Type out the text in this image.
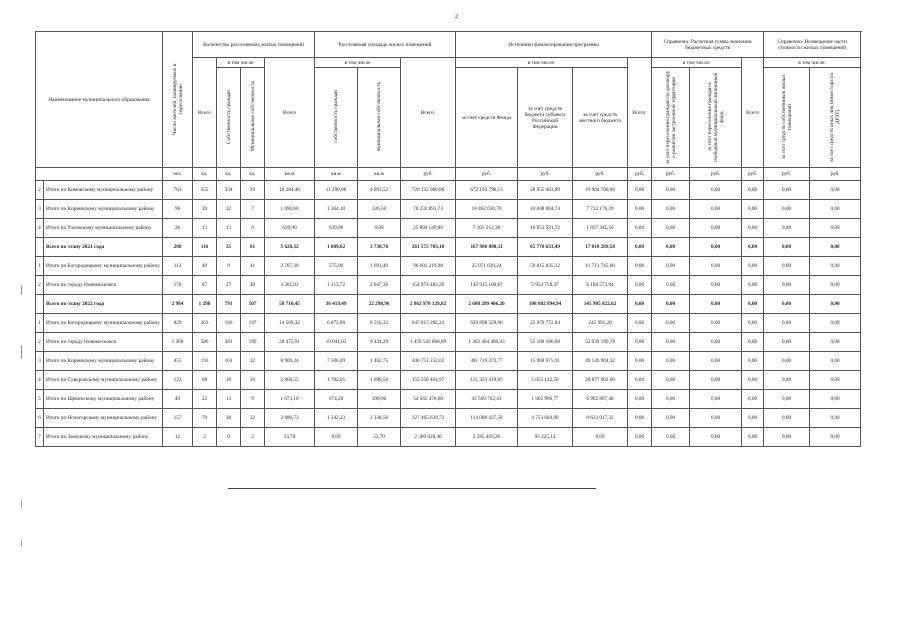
2
Наименование муниципального образования		Число жителей, планируемых к переселению	Количество расселяемых жилых помещений				Расселяемая площадь жилых помещений			Источники финансирования программы				Справочно: Расчетная сумма экономии бюджетных средств			Справочно: Возмещение части стоимости жилых помещений	
			Всего	в том числе		Всего	в том числе		Всего:	в том числе:			Всего:	в том числе:		Всего	в том числе:	
				Собственность граждан	Муниципальная собственность		собственность граждан	муниципальная собственность		за счет средств Фонда	за счет средств бюджета субъекта Российской Федерации	за счет средств местного бюджета		за счет переселения граждан по договору о развитии застроенной территории	за счет переселения граждан в свободный муниципальный жилищный фонд		за счет средств собственников жилых помещений	за счет средств иных лиц (инвестора по ДРЗТ)
		чел.	ед.	ед.	ед.	кв.м	кв.м	кв.м	руб.	руб.	руб.	руб.	руб.	руб.	руб.	руб.	руб.	руб.
2	Итого по Кимовскому муниципальному району	763	355	334	39	16 284,40	11 290,88	4 993,52	720 135 900,00	672 193 796,13	28 055 403,89	19 904 700,00	0,00	0,00	0,00	0,00	0,00	0,00
3	Итого по Киреевскому муниципальному району	96	39	32	7	1 690,60	1 364,10	326,50	70 232 891,73	18 462 630,70	44 048 084,74	7 722 176,29	0,00	0,00	0,00	0,00	0,00	0,00
4	Итого по Узловскому муниципальному району	26	13	13	0	639,90	639,90	0,00	25 894 149,80	7 105 212,38	16 951 591,72	1 837 345,50	0,00	0,00	0,00	0,00	0,00	0,00
	Всего по этапу 2021 года	288	116	35	81	5 628,32	1 889,62	3 738,70	261 575 703,18	167 986 800,11	65 770 633,49	17 818 269,58	0,00	0,00	0,00	0,00	0,00	0,00
1	Итого по Богородицкому муниципальному району	112	49	8	41	2 767,30	575,90	1 691,40	96 601 219,98	25 071 639,24	59 815 835,12	11 713 745,60	0,00	0,00	0,00	0,00	0,00	0,00
2	Итого по городу Новомосковск	176	67	27	40	3 361,02	1 313,72	2 047,30	154 974 483,20	142 915 160,87	5 954 758,37	6 104 573,94	0,00	0,00	0,00	0,00	0,00	0,00
	Всего по этапу 2022 года	2 984	1 298	791	507	58 710,45	36 419,49	22 290,96	2 862 978 128,82	2 608 289 406,26	108 682 894,94	145 905 822,62	0,00	0,00	0,00	0,00	0,00	0,00
1	Итого по Богородицкому муниципальному району	829	363	166	197	14 589,32	6 072,90	8 516,32	647 015 392,24	620 898 529,00	25 870 772,04	245 991,20	0,00	0,00	0,00	0,00	0,00	0,00
2	Итого по городу Новомосковск	1 360	580	381	199	28 475,91	19 041,62	9 434,29	1 459 543 866,89	1 302 404 480,43	55 100 186,68	52 039 199,78	0,00	0,00	0,00	0,00	0,00	0,00
3	Итого по Киреевскому муниципальному району	455	193	161	32	8 969,24	7 506,49	1 462,75	446 751 252,02	381 719 373,77	15 904 975,91	49 126 904,32	0,00	0,00	0,00	0,00	0,00	0,00
4	Итого по Суворовскому муниципальному району	122	68	38	30	2 868,55	1 782,05	1 086,50	155 256 464,97	121 323 419,87	5 055 142,50	28 877 902,60	0,00	0,00	0,00	0,00	0,00	0,00
5	Итого по Щекинскому муниципальному району	49	22	13	9	1 073,10	674,20	398,90	54 565 476,60	45 569 762,43	1 902 906,77	6 992 807,40	0,00	0,00	0,00	0,00	0,00	0,00
6	Итого по Ясногорскому муниципальному району	157	70	38	32	2 680,73	1 342,23	1 338,50	127 465 639,72	114 088 437,50	4 753 684,90	8 623 017,32	0,00	0,00	0,00	0,00	0,00	0,00
7	Итого по Заокскому муниципальному району	12	2	0	2	53,70	0,00	53,70	2 380 628,40	2 285 403,26	95 225,14	0,00	0,00	0,00	0,00	0,00	0,00	0,00
